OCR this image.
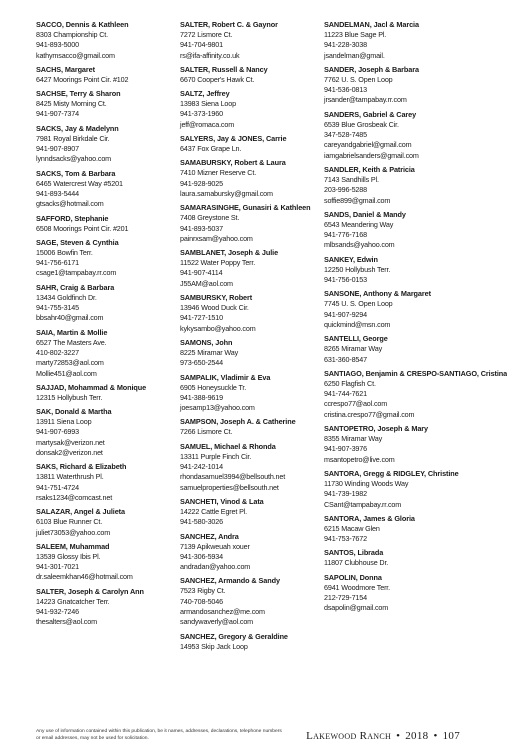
SACCO, Dennis & Kathleen
8303 Championship Ct.
941-893-5000
kathymsacco@gmail.com
SACHS, Margaret
6427 Moorings Point Cir. #102
SACHSE, Terry & Sharon
8425 Misty Morning Ct.
941-907-7374
SACKS, Jay & Madelynn
7981 Royal Birkdale Cir.
941-907-8907
lynndsacks@yahoo.com
SACKS, Tom & Barbara
6465 Watercrest Way #5201
941-893-5444
gtsacks@hotmail.com
SAFFORD, Stephanie
6508 Moorings Point Cir. #201
SAGE, Steven & Cynthia
15006 Bowfin Terr.
941-756-6171
csage1@tampabay.rr.com
SAHR, Craig & Barbara
13434 Goldfinch Dr.
941-755-3145
bbsahr40@gmail.com
SAIA, Martin & Mollie
6527 The Masters Ave.
410-802-3227
marty72853@aol.com
Mollie451@aol.com
SAJJAD, Mohammad & Monique
12315 Hollybush Terr.
SAK, Donald & Martha
13911 Siena Loop
941-907-6993
martysak@verizon.net
donsak2@verizon.net
SAKS, Richard & Elizabeth
13811 Waterthrush Pl.
941-751-4724
rsaks1234@comcast.net
SALAZAR, Angel & Julieta
6103 Blue Runner Ct.
juliet73053@yahoo.com
SALEEM, Muhammad
13539 Glossy Ibis Pl.
941-301-7021
dr.saleemkhan46@hotmail.com
SALTER, Joseph & Carolyn Ann
14223 Gnatcatcher Terr.
941-932-7246
thesalters@aol.com
SALTER, Robert C. & Gaynor
7272 Lismore Ct.
941-704-9801
rs@ifa-affinity.co.uk
SALTER, Russell & Nancy
6670 Cooper's Hawk Ct.
SALTZ, Jeffrey
13983 Siena Loop
941-373-1960
jeff@romaca.com
SALYERS, Jay & JONES, Carrie
6437 Fox Grape Ln.
SAMABURSKY, Robert & Laura
7410 Mizner Reserve Ct.
941-928-9025
laura.samabursky@gmail.com
SAMARASINGHE, Gunasiri & Kathleen
7408 Greystone St.
941-893-5037
painrxsam@yahoo.com
SAMBLANET, Joseph & Julie
11522 Water Poppy Terr.
941-907-4114
J55AM@aol.com
SAMBURSKY, Robert
13946 Wood Duck Cir.
941-727-1510
kykysambo@yahoo.com
SAMONS, John
8225 Miramar Way
973-650-2544
SAMPALIK, Vladimir & Eva
6905 Honeysuckle Tr.
941-388-9619
joesamp13@yahoo.com
SAMPSON, Joseph A. & Catherine
7266 Lismore Ct.
SAMUEL, Michael & Rhonda
13311 Purple Finch Cir.
941-242-1014
rhondasamuel3994@bellsouth.net
samuelproperties@bellsouth.net
SANCHETI, Vinod & Lata
14222 Cattle Egret Pl.
941-580-3026
SANCHEZ, Andra
7139 Apikweuah xouer
941-306-5934
andradan@yahoo.com
SANCHEZ, Armando & Sandy
7523 Rigby Ct.
740-708-5046
armandosanchez@me.com
sandywaverly@aol.com
SANCHEZ, Gregory & Geraldine
14953 Skip Jack Loop
SANDELMAN, Jacl & Marcia
11223 Blue Sage Pl.
941-228-3038
jsandelman@gmail.
SANDER, Joseph & Barbara
7762 U. S. Open Loop
941-536-0813
jrsander@tampabay.rr.com
SANDERS, Gabriel & Carey
6539 Blue Grosbeak Cir.
347-528-7485
careyandgabriel@gmail.com
iamgabrielsanders@gmail.com
SANDLER, Keith & Patricia
7143 Sandhills Pl.
203-996-5288
soffie899@gmail.com
SANDS, Daniel & Mandy
6543 Meandering Way
941-776-7168
mlbsands@yahoo.com
SANKEY, Edwin
12250 Hollybush Terr.
941-756-0153
SANSONE, Anthony & Margaret
7745 U. S. Open Loop
941-907-9294
quickmind@msn.com
SANTELLI, George
8265 Miramar Way
631-360-8547
SANTIAGO, Benjamin & CRESPO-SANTIAGO, Cristina
6250 Flagfish Ct.
941-744-7621
ccrespo77@aol.com
cristina.crespo77@gmail.com
SANTOPETRO, Joseph & Mary
8355 Miramar Way
941-907-3976
msantopetro@live.com
SANTORA, Gregg & RIDGLEY, Christine
11730 Winding Woods Way
941-739-1982
CSant@tampabay.rr.com
SANTORA, James & Gloria
6215 Macaw Glen
941-753-7672
SANTOS, Librada
11807 Clubhouse Dr.
SAPOLIN, Donna
6941 Woodmore Terr.
212-729-7154
dsapolin@gmail.com
Any use of information contained within this publication, be it names, addresses, declarations, telephone numbers or email addresses, may not be used for solicitation.	Lakewood Ranch • 2018 • 107
